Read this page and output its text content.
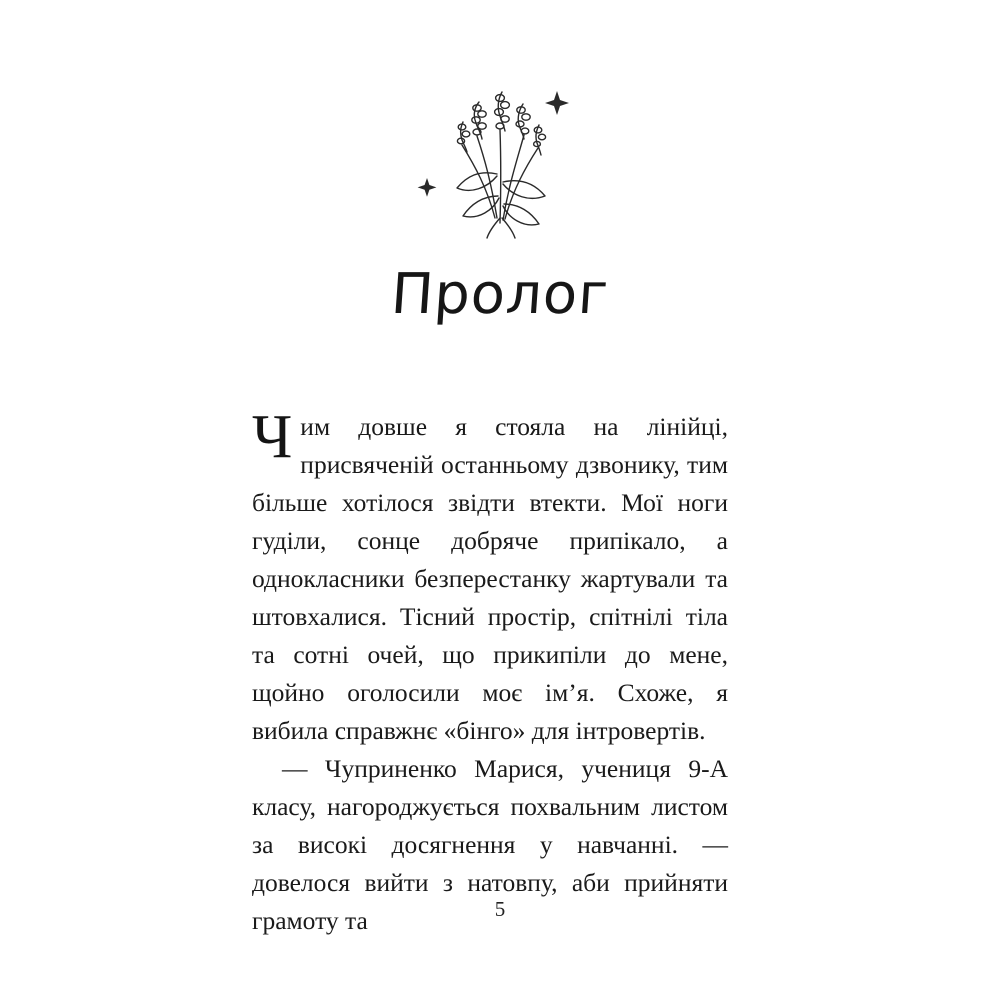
Пролог

Чим довше я стояла на лінійці, присвяченій останньому дзвонику, тим більше хотілося звідти втекти. Мої ноги гуділи, сонце добряче припікало, а однокласники безперестанку жартували та штовхалися. Тісний простір, спітнілі тіла та сотні очей, що прикипіли до мене, щойно оголосили моє ім’я. Схоже, я вибила справжнє «бінго» для інтровертів.

— Чуприненко Марися, учениця 9-А класу, нагороджується похвальним листом за високі досягнення у навчанні. — довелося вийти з натовпу, аби прийняти грамоту та	5
